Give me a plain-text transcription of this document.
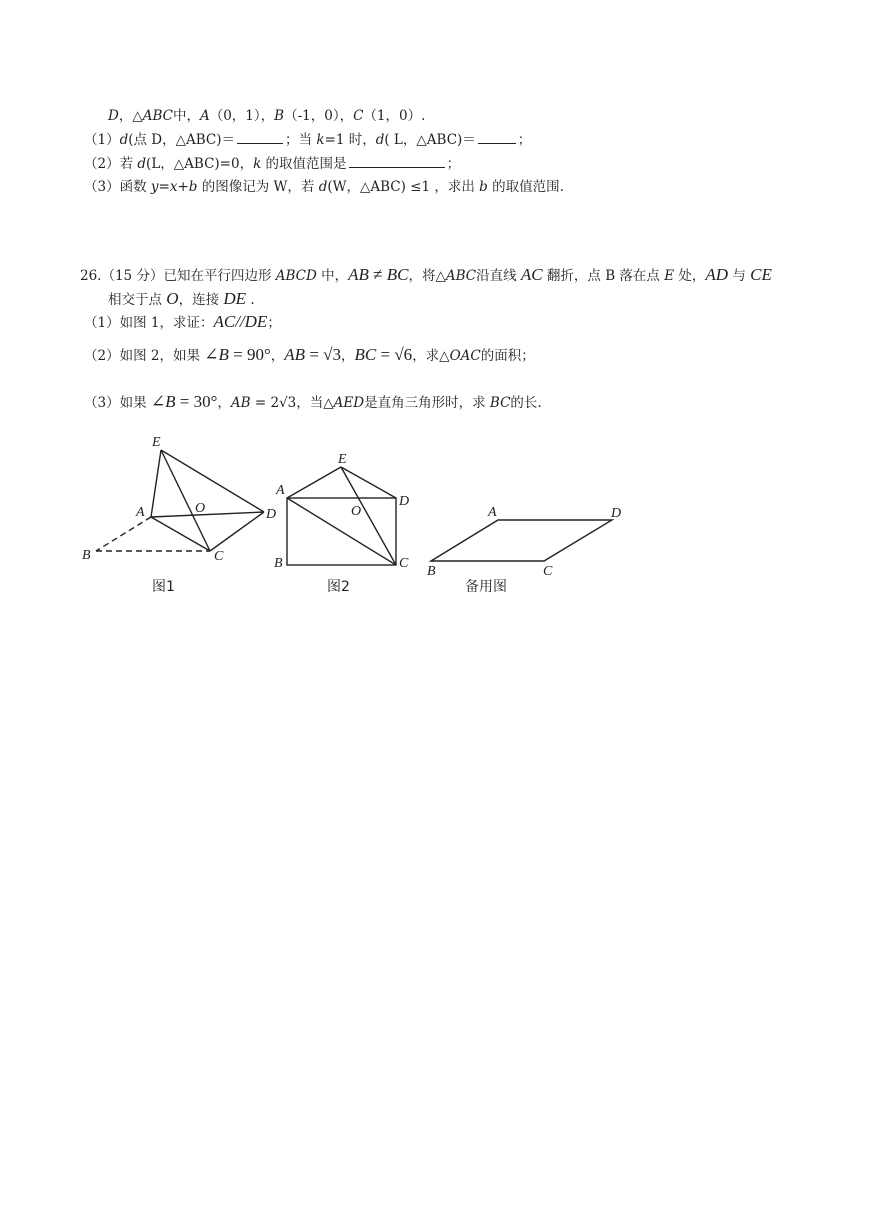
D，△ABC中，A（0，1），B（-1，0），C（1，0）.
（1）d(点 D，△ABC)＝	；当 k=1 时，d( L，△ABC)＝	；
（2）若 d(L，△ABC)=0，k 的取值范围是	；
（3）函数 y=x+b 的图像记为 W，若 d(W，△ABC) ≤1 ，求出 b 的取值范围.
26.（15 分）已知在平行四边形 ABCD 中，AB ≠ BC，将△ABC沿直线 AC 翻折，点 B 落在点 E 处，AD 与 CE
相交于点 O，连接 DE .
（1）如图 1，求证：AC//DE；
（2）如图 2，如果 ∠B = 90°，AB = √3，BC = √6，求△OAC的面积；
（3）如果 ∠B = 30°，AB = 2√3，当△AED是直角三角形时，求 BC的长.
E
A	O	D
B	C
图1
E
A
O
D
B	C
图2
A	D
B	C
备用图
